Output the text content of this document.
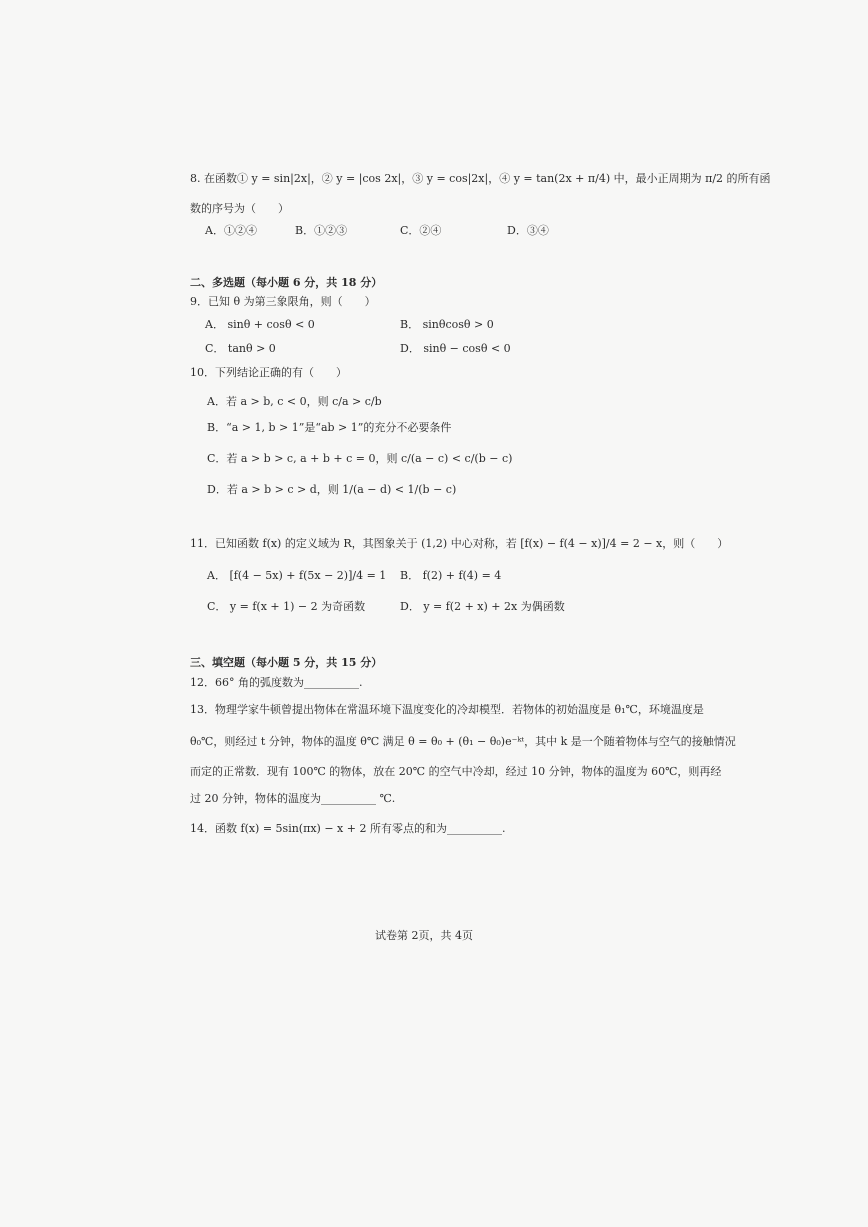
8. 在函数① y = sin|2x|，② y = |cos 2x|，③ y = cos|2x|，④ y = tan(2x + π/4) 中，最小正周期为 π/2 的所有函
数的序号为（　　）
A．①②④	B．①②③	C．②④	D．③④
二、多选题（每小题 6 分，共 18 分）
9．已知 θ 为第三象限角，则（　　）
A． sinθ + cosθ < 0	B． sinθcosθ > 0
C． tanθ > 0	D． sinθ − cosθ < 0
10．下列结论正确的有（　　）
A．若 a > b, c < 0，则 c/a > c/b
B．“a > 1, b > 1”是“ab > 1”的充分不必要条件
C．若 a > b > c, a + b + c = 0，则 c/(a − c) < c/(b − c)
D．若 a > b > c > d，则 1/(a − d) < 1/(b − c)
11．已知函数 f(x) 的定义域为 R，其图象关于 (1,2) 中心对称，若 [f(x) − f(4 − x)]/4 = 2 − x，则（　　）
A． [f(4 − 5x) + f(5x − 2)]/4 = 1 B． f(2) + f(4) = 4
C． y = f(x + 1) − 2 为奇函数	D． y = f(2 + x) + 2x 为偶函数
三、填空题（每小题 5 分，共 15 分）
12．66° 角的弧度数为__________.
13．物理学家牛顿曾提出物体在常温环境下温度变化的冷却模型．若物体的初始温度是 θ₁℃，环境温度是
θ₀℃，则经过 t 分钟，物体的温度 θ℃ 满足 θ = θ₀ + (θ₁ − θ₀)e⁻ᵏᵗ，其中 k 是一个随着物体与空气的接触情况
而定的正常数．现有 100℃ 的物体，放在 20℃ 的空气中冷却，经过 10 分钟，物体的温度为 60℃，则再经
过 20 分钟，物体的温度为__________ ℃.
14．函数 f(x) = 5sin(πx) − x + 2 所有零点的和为__________.
试卷第 2页，共 4页
